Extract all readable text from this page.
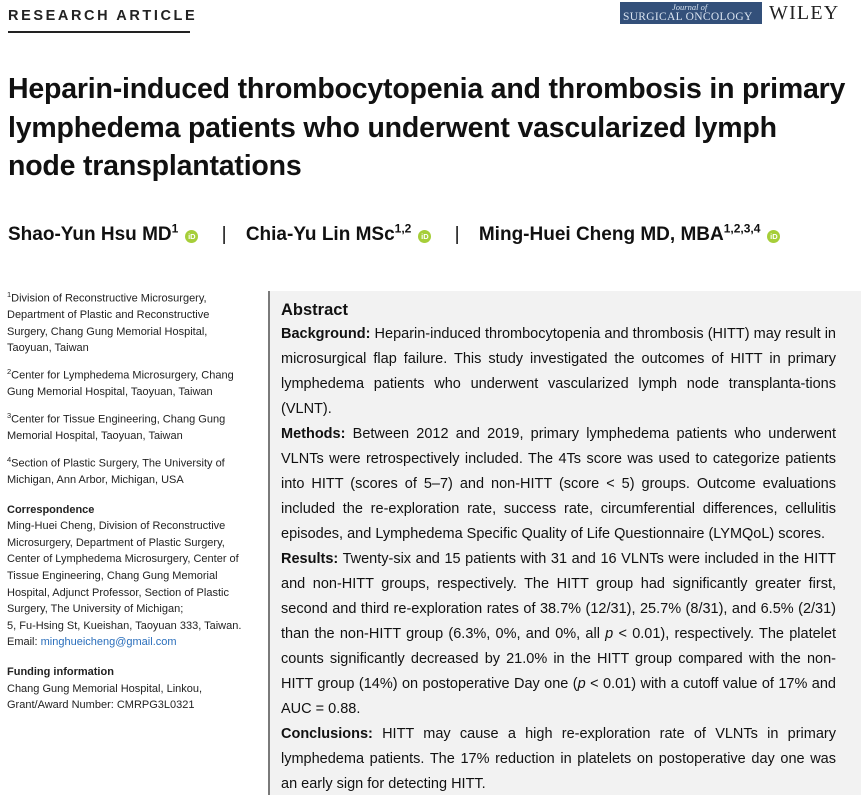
RESEARCH ARTICLE
Journal of
SURGICAL ONCOLOGY WILEY
Heparin-induced thrombocytopenia and thrombosis in primary lymphedema patients who underwent vascularized lymph node transplantations
Shao-Yun Hsu $MD^1iD$ | Chia-Yu Lin MSc$^{1,2}$iD | Ming-Huei Cheng MD, MBA$^{1,2,3,4}$iD

$^1$Division of Reconstructive Microsurgery, Department of Plastic and Reconstructive Surgery, Chang Gung Memorial Hospital, Taoyuan, Taiwan

$^2$Center for Lymphedema Microsurgery, Chang Gung Memorial Hospital, Taoyuan, Taiwan

$^3$Center for Tissue Engineering, Chang Gung Memorial Hospital, Taoyuan, Taiwan

$^4$Section of Plastic Surgery, The University of Michigan, Ann Arbor, Michigan, USA

Correspondence

Ming-Huei Cheng, Division of Reconstructive Microsurgery, Department of Plastic Surgery, Center of Lymphedema Microsurgery, Center of Tissue Engineering, Chang Gung Memorial Hospital, Adjunct Professor, Section of Plastic Surgery, The University of Michigan;

5, Fu-Hsing St, Kueishan, Taoyuan 333, Taiwan.

Email: minghueicheng@gmail.com

Funding information

Chang Gung Memorial Hospital, Linkou, Grant/Award Number: CMRPG3L0321

Abstract

Background: Heparin-induced thrombocytopenia and thrombosis (HITT) may result in microsurgical flap failure. This study investigated the outcomes of HITT in primary lymphedema patients who underwent vascularized lymph node transplanta-tions (VLNT).

Methods: Between 2012 and 2019, primary lymphedema patients who underwent VLNTs were retrospectively included. The 4Ts score was used to categorize patients into HITT (scores of 5–7) and non-HITT (score < 5) groups. Outcome evaluations included the re-exploration rate, success rate, circumferential differences, cellulitis episodes, and Lymphedema Specific Quality of Life Questionnaire (LYMQoL) scores.

Results: Twenty-six and 15 patients with 31 and 16 VLNTs were included in the HITT and non-HITT groups, respectively. The HITT group had significantly greater first, second and third re-exploration rates of 38.7% (12/31), 25.7% (8/31), and 6.5% (2/31) than the non-HITT group (6.3%, 0%, and 0%, all p < 0.01), respectively. The platelet counts significantly decreased by 21.0% in the HITT group compared with the non-HITT group (14%) on postoperative Day one (p < 0.01) with a cutoff value of 17% and AUC = 0.88.

Conclusions: HITT may cause a high re-exploration rate of VLNTs in primary lymphedema patients. The 17% reduction in platelets on postoperative day one was an early sign for detecting HITT.
